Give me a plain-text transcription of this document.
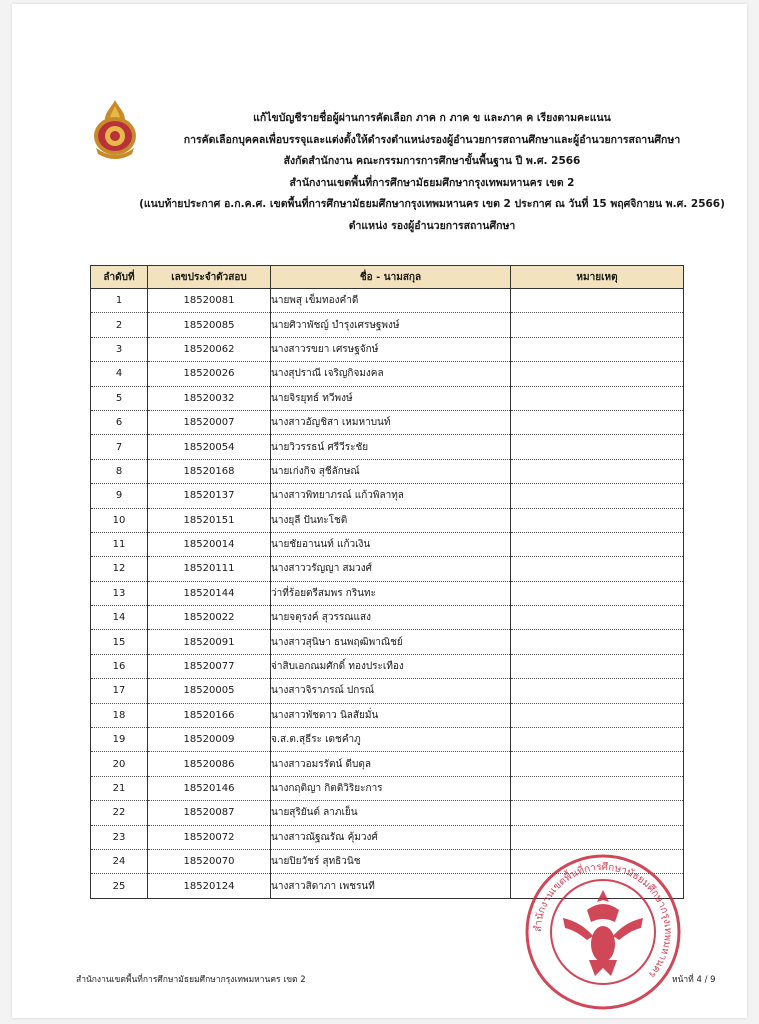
แก้ไขบัญชีรายชื่อผู้ผ่านการคัดเลือก ภาค ก ภาค ข และภาค ค เรียงตามคะแนน
การคัดเลือกบุคคลเพื่อบรรจุและแต่งตั้งให้ดำรงตำแหน่งรองผู้อำนวยการสถานศึกษาและผู้อำนวยการสถานศึกษา
สังกัดสำนักงาน คณะกรรมการการศึกษาขั้นพื้นฐาน ปี พ.ศ. 2566
สำนักงานเขตพื้นที่การศึกษามัธยมศึกษากรุงเทพมหานคร เขต 2
(แนบท้ายประกาศ อ.ก.ค.ศ. เขตพื้นที่การศึกษามัธยมศึกษากรุงเทพมหานคร เขต 2 ประกาศ ณ วันที่ 15 พฤศจิกายน พ.ศ. 2566)
ตำแหน่ง รองผู้อำนวยการสถานศึกษา
ลำดับที่	เลขประจำตัวสอบ	ชื่อ - นามสกุล	หมายเหตุ
1	18520081	นายพสุ เข็มทองคำดี	
2	18520085	นายศิวาพัชญ์ บำรุงเศรษฐพงษ์	
3	18520062	นางสาวรขยา เศรษฐจักษ์	
4	18520026	นางสุปราณี เจริญกิจมงคล	
5	18520032	นายจิรยุทธ์ ทวีพงษ์	
6	18520007	นางสาวอัญชิสา เหมหาบนท์	
7	18520054	นายวิวรรธน์ ศรีวีระชัย	
8	18520168	นายเก่งกิจ สุชีลักษณ์	
9	18520137	นางสาวพิทยาภรณ์ แก้วพิลาทุล	
10	18520151	นางยุลี ปันทะโชติ	
11	18520014	นายชัยอานนท์ แก้วเงิน	
12	18520111	นางสาววรัญญา สมวงศ์	
13	18520144	ว่าที่ร้อยตรีสมพร กรินทะ	
14	18520022	นายจตุรงค์ สุวรรณแสง	
15	18520091	นางสาวสุนิษา ธนพฤฒิพาณิชย์	
16	18520077	จ่าสิบเอกณมศักดิ์ ทองประเทือง	
17	18520005	นางสาวจิราภรณ์ ปกรณ์	
18	18520166	นางสาวพัชดาว นิลสัยมั่น	
19	18520009	จ.ส.ต.สุธีระ เดชคำภู	
20	18520086	นางสาวอมรรัตน์ ดีบดุล	
21	18520146	นางกฤติญา กิตติวิริยะการ	
22	18520087	นายสุริยันต์ ลาภเย็น	
23	18520072	นางสาวณัฐณรัณ คุ้มวงศ์	
24	18520070	นายปิยวัชร์ สุทธิวนิช	
25	18520124	นางสาวสิดาภา เพชรนที	
สำนักงานเขตพื้นที่การศึกษามัธยมศึกษากรุงเทพมหานคร เขต 2	หน้าที่ 4 / 9
สำนักงานเขตพื้นที่การศึกษามัธยมศึกษากรุงเทพมหานคร
